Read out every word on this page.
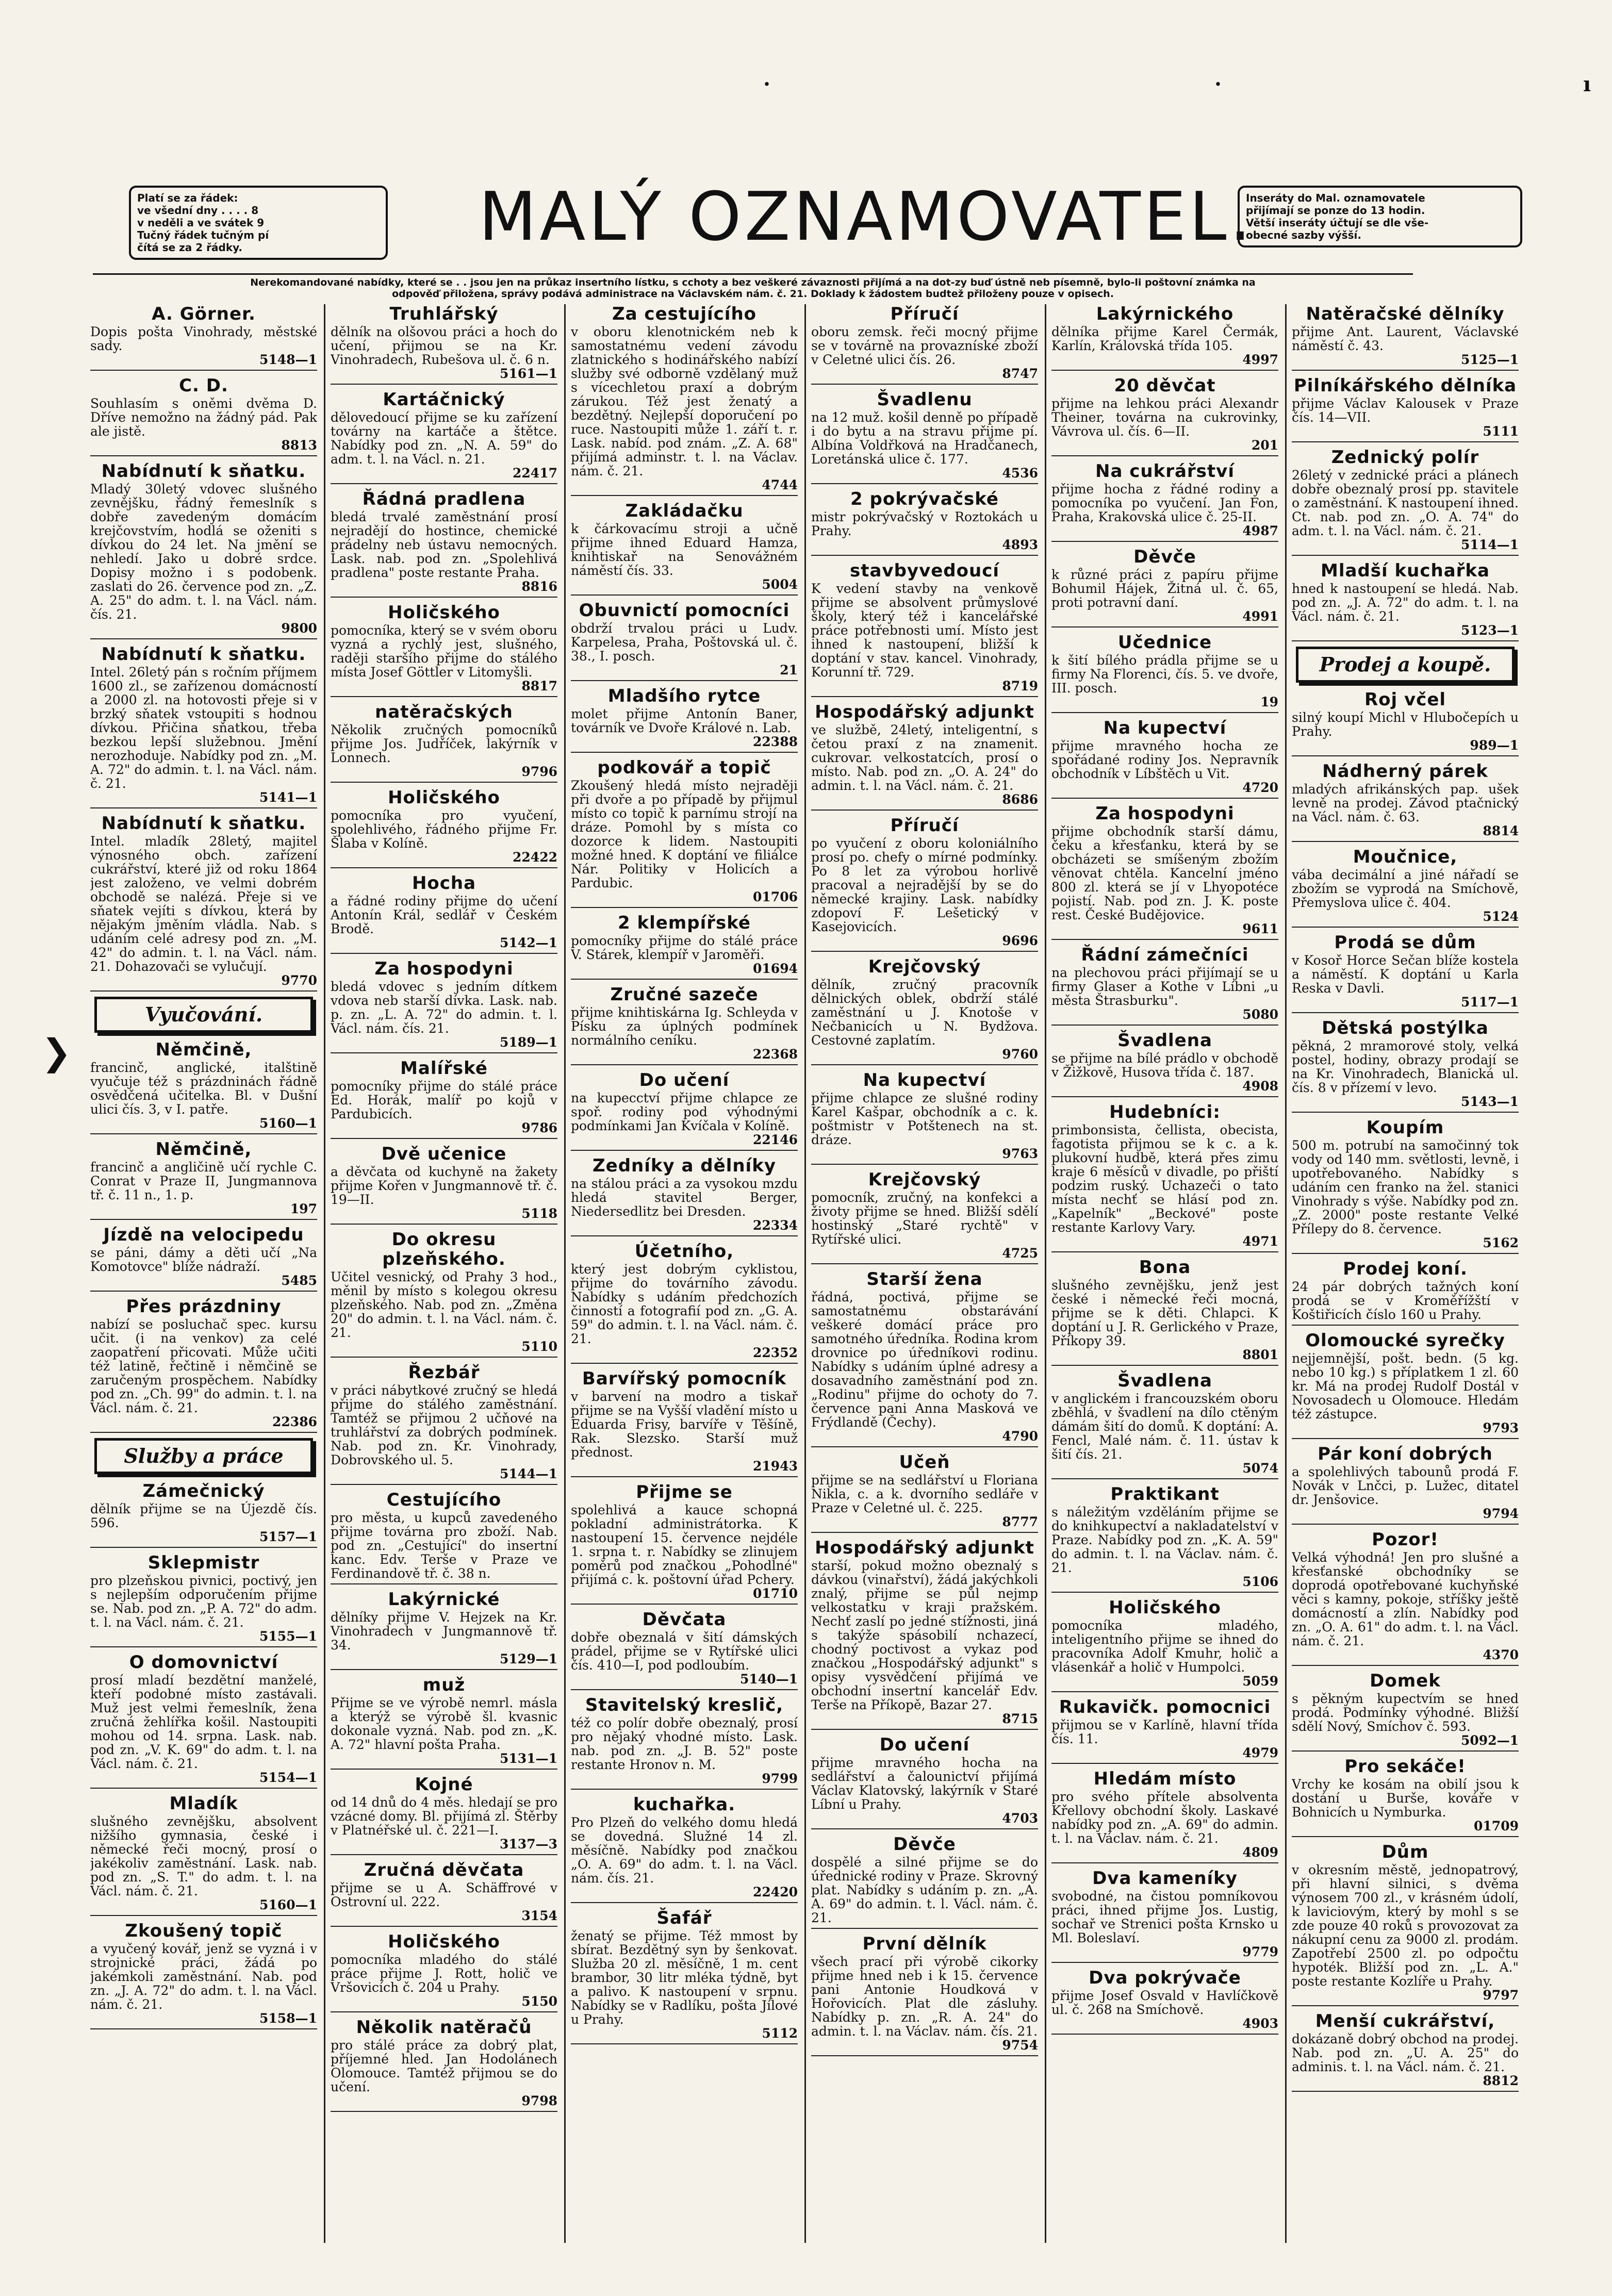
·	·	ı
❯
Platí se za řádek:
ve všední dny . . . . 8
v neděli a ve svátek 9
Tučný řádek tučným pí
čítá se za 2 řádky.	MALÝ OZNAMOVATEL.
Inseráty do Mal. oznamovatele
přijímají se ponze do 13 hodin.
Větší inseráty účtují se dle vše-
obecné sazby výšší.
Nerekomandované nabídky, které se . . jsou jen na průkaz insertního lístku, s cchoty a bez veškeré závaznosti přijímá a na dot-zy buď ústně neb písemně, bylo-li poštovní známka na
odpověď přiložena, správy podává administrace na Václavském nám. č. 21. Doklady k žádostem budtež přiloženy pouze v opisech.
A. Görner.

Dopis pošta Vinohrady, městské sady.

5148—1
C. D.

Souhlasím s oněmi dvěma D. Dříve nemožno na žádný pád. Pak ale jistě.

8813
Nabídnutí k sňatku.

Mladý 30letý vdovec slušného zevnějšku, řádný řemeslník s dobře zavedeným domácím krejčovstvím, hodlá se oženiti s dívkou do 24 let. Na jmění se nehledí. Jako u dobré srdce. Dopisy možno i s podobenk. zaslati do 26. července pod zn. „Z. A. 25" do adm. t. l. na Václ. nám. čís. 21.

9800
Nabídnutí k sňatku.

Intel. 26letý pán s ročním příjmem 1600 zl., se zařízenou domácností a 2000 zl. na hotovosti přeje si v brzký sňatek vstoupiti s hodnou dívkou. Přičina sňatkou, třeba bezkou lepší služebnou. Jmění nerozhoduje. Nabídky pod zn. „M. A. 72" do admin. t. l. na Václ. nám. č. 21.

5141—1
Nabídnutí k sňatku.

Intel. mladík 28letý, majitel výnosného obch. zařízení cukrářství, které již od roku 1864 jest založeno, ve velmi dobrém obchodě se nalézá. Přeje si ve sňatek vejíti s dívkou, která by nějakým jměním vládla. Nab. s udáním celé adresy pod zn. „M. 42" do admin. t. l. na Václ. nám. 21. Dohazovači se vylučují.

9770
Vyučování.
Němčině,

francinč, anglické, italštině vyučuje též s prázdninách řádně osvědčená učitelka. Bl. v Dušní ulici čís. 3, v I. patře.

5160—1
Němčině,

francinč a angličině učí rychle C. Conrat v Praze II, Jungmannova tř. č. 11 n., 1. p.

197
Jízdě na velocipedu

se páni, dámy a děti učí „Na Komotovce" blíže nádraží.

5485
Přes prázdniny

nabízí se posluchač spec. kursu učit. (i na venkov) za celé zaopatření přicovati. Může učiti též latině, řečtině i němčině se zaručeným prospěchem. Nabídky pod zn. „Ch. 99" do admin. t. l. na Václ. nám. č. 21.

22386
Služby a práce
Zámečnický

dělník přijme se na Újezdě čís. 596.

5157—1
Sklepmistr

pro plzeňskou pivnici, poctivý, jen s nejlepším odporučením přijme se. Nab. pod zn. „P. A. 72" do adm. t. l. na Václ. nám. č. 21.

5155—1
O domovnictví

prosí mladí bezdětní manželé, kteří podobné místo zastávali. Muž jest velmi řemeslník, žena zručná žehlířka košil. Nastoupiti mohou od 14. srpna. Lask. nab. pod zn. „V. K. 69" do adm. t. l. na Václ. nám. č. 21.

5154—1
Mladík

slušného zevnějšku, absolvent nižšího gymnasia, české i německé řeči mocný, prosí o jakékoliv zaměstnání. Lask. nab. pod zn. „S. T." do adm. t. l. na Václ. nám. č. 21.

5160—1
Zkoušený topič

a vyučený kovář, jenž se vyzná i v strojnické práci, žádá po jakémkoli zaměstnání. Nab. pod zn. „J. A. 72" do adm. t. l. na Václ. nám. č. 21.

5158—1
Truhlářský

dělník na olšovou práci a hoch do učení, přijmou se na Kr. Vinohradech, Rubešova ul. č. 6 n.

5161—1
Kartáčnický

dělovedoucí přijme se ku zařízení továrny na kartáče a štětce. Nabídky pod zn. „N. A. 59" do adm. t. l. na Václ. n. 21.

22417
Řádná pradlena

bledá trvalé zaměstnání prosí nejradějí do hostince, chemické prádelny neb ústavu nemocných. Lask. nab. pod zn. „Spolehlivá pradlena" poste restante Praha.

8816
Holičského

pomocníka, který se v svém oboru vyzná a rychlý jest, slušného, raději staršího přijme do stálého místa Josef Göttler v Litomyšli.

8817
natěračských

Několik zručných pomocníků přijme Jos. Judříček, lakýrník v Lonnech.

9796
Holičského

pomocníka pro vyučení, spolehlivého, řádného přijme Fr. Šlaba v Kolíně.

22422
Hocha

a řádné rodiny přijme do učení Antonín Král, sedlář v Českém Brodě.

5142—1
Za hospodyni

bledá vdovec s jedním dítkem vdova neb starší dívka. Lask. nab. p. zn. „L. A. 72" do admin. t. l. Václ. nám. čís. 21.

5189—1
Malířské

pomocníky přijme do stálé práce Ed. Horák, malíř po kojů v Pardubicích.

9786
Dvě učenice

a děvčata od kuchyně na žakety přijme Kořen v Jungmannově tř. č. 19—II.

5118
Do okresu plzeňského.

Učitel vesnický, od Prahy 3 hod., měnil by místo s kolegou okresu plzeňského. Nab. pod zn. „Změna 20" do admin. t. l. na Václ. nám. č. 21.

5110
Řezbář

v práci nábytkové zručný se hledá přijme do stálého zaměstnání. Tamtéž se přijmou 2 učňové na truhlářství za dobrých podmínek. Nab. pod zn. Kr. Vinohrady, Dobrovského ul. 5.

5144—1
Cestujícího

pro města, u kupců zavedeného přijme továrna pro zboží. Nab. pod zn. „Cestující" do insertní kanc. Edv. Terše v Praze ve Ferdinandově tř. č. 38 n.

Lakýrnické

dělníky přijme V. Hejzek na Kr. Vinohradech v Jungmannově tř. 34.

5129—1
muž

Přijme se ve výrobě nemrl. másla a kterýž se výrobě šl. kvasnic dokonale vyzná. Nab. pod zn. „K. A. 72" hlavní pošta Praha.

5131—1
Kojné

od 14 dnů do 4 měs. hledají se pro vzácné domy. Bl. přijímá zl. Štěrby v Platnéřské ul. č. 221—I.

3137—3
Zručná děvčata

přijme se u A. Schäffrové v Ostrovní ul. 222.

3154
Holičského

pomocníka mladého do stálé práce přijme J. Rott, holič ve Vršovicích č. 204 u Prahy.

5150
Několik natěračů

pro stálé práce za dobrý plat, příjemné hled. Jan Hodolánech Olomouce. Tamtéž přijmou se do učení.

9798
Za cestujícího

v oboru klenotnickém neb k samostatnému vedení závodu zlatnického s hodinářského nabízí služby své odborně vzdělaný muž s vícechletou praxí a dobrým zárukou. Též jest ženatý a bezdětný. Nejlepší doporučení po ruce. Nastoupiti může 1. září t. r. Lask. nabíd. pod znám. „Z. A. 68" přijímá adminstr. t. l. na Václav. nám. č. 21.

4744
Zakládačku

k čárkovacímu stroji a učně přijme ihned Eduard Hamza, knihtiskař na Senovážném náměstí čís. 33.

5004
Obuvnictí pomocníci

obdrží trvalou práci u Ludv. Karpelesa, Praha, Poštovská ul. č. 38., I. posch.

21
Mladšího rytce

molet přijme Antonín Baner, továrník ve Dvoře Králové n. Lab.

22388
podkovář a topič

Zkoušený hledá místo nejraději při dvoře a po případě by přijmul místo co topič k parnímu strojí na dráze. Pomohl by s místa co dozorce k lidem. Nastoupiti možné hned. K doptání ve filiálce Nár. Politiky v Holicích a Pardubic.

01706
2 klempířské

pomocníky přijme do stálé práce V. Stárek, klempíř v Jaroměři.

01694
Zručné sazeče

přijme knihtiskárna Ig. Schleyda v Písku za úplných podmínek normálního ceníku.

22368
Do učení

na kupecctví přijme chlapce ze spoř. rodiny pod výhodnými podmínkami Jan Kvíčala v Kolíně.

22146
Zedníky a dělníky

na stálou práci a za vysokou mzdu hledá stavitel Berger, Niedersedlitz bei Dresden.

22334
Účetního,

který jest dobrým cyklistou, přijme do továrního závodu. Nabídky s udáním předchozích činností a fotografií pod zn. „G. A. 59" do admin. t. l. na Václ. nám. č. 21.

22352
Barvířský pomocník

v barvení na modro a tiskař přijme se na Vyšší vladění místo u Eduarda Frisy, barvíře v Těšíně, Rak. Slezsko. Starší muž přednost.

21943
Přijme se

spolehlivá a kauce schopná pokladní administrátorka. K nastoupení 15. července nejdéle 1. srpna t. r. Nabídky se zlinujem poměrů pod značkou „Pohodlné" přijímá c. k. poštovní úřad Pchery.

01710
Děvčata

dobře obeznalá v šití dámských prádel, přijme se v Rytířské ulici čís. 410—I, pod podloubím.

5140—1
Stavitelský kreslič,

též co polír dobře obeznalý, prosí pro nějaký vhodné místo. Lask. nab. pod zn. „J. B. 52" poste restante Hronov n. M.

9799
kuchařka.

Pro Plzeň do velkého domu hledá se dovedná. Služné 14 zl. měsíčně. Nabídky pod značkou „O. A. 69" do adm. t. l. na Václ. nám. čís. 21.

22420
Šafář

ženatý se přijme. Též mmost by sbírat. Bezdětný syn by šenkovat. Služba 20 zl. měsíčně, 1 m. cent brambor, 30 litr mléka týdně, byt a palivo. K nastoupení v srpnu. Nabídky se v Radlíku, pošta Jílové u Prahy.

5112
Příručí

oboru zemsk. řeči mocný přijme se v továrně na provazníské zboží v Celetné ulici čís. 26.

8747
Švadlenu

na 12 muž. košil denně po případě i do bytu a na stravu přijme pí. Albína Voldřková na Hradčanech, Loretánská ulice č. 177.

4536
2 pokrývačské

mistr pokrývačský v Roztokách u Prahy.

4893
stavbyvedoucí

K vedení stavby na venkově přijme se absolvent průmyslové školy, který též i kancelářské práce potřebnosti umí. Místo jest ihned k nastoupení, bližší k doptání v stav. kancel. Vinohrady, Korunní tř. 729.

8719
Hospodářský adjunkt

ve službě, 24letý, inteligentní, s četou praxí z na znamenit. cukrovar. velkostatcích, prosí o místo. Nab. pod zn. „O. A. 24" do admin. t. l. na Václ. nám. č. 21.

8686
Příručí

po vyučení z oboru koloniálního prosí po. chefy o mírné podmínky. Po 8 let za výrobou horlivě pracoval a nejradější by se do německé krajiny. Lask. nabídky zdopoví F. Lešetický v Kasejovicích.

9696
Krejčovský

dělník, zručný pracovník dělnických oblek, obdrží stálé zaměstnání u J. Knotoše v Nečbanicích u N. Bydžova. Cestovné zaplatím.

9760
Na kupectví

přijme chlapce ze slušné rodiny Karel Kašpar, obchodník a c. k. poštmistr v Potštenech na st. dráze.

9763
Krejčovský

pomocník, zručný, na konfekci a životy přijme se hned. Bližší sdělí hostinský „Staré rychtě" v Rytířské ulici.

4725
Starší žena

řádná, poctivá, přijme se samostatnému obstarávání veškeré domácí práce pro samotného úředníka. Rodina krom drovnice po úředníkovi rodinu. Nabídky s udáním úplné adresy a dosavadního zaměstnání pod zn. „Rodinu" přijme do ochoty do 7. července pani Anna Masková ve Frýdlandě (Čechy).

4790
Učeň

přijme se na sedlářství u Floriana Nikla, c. a k. dvorního sedláře v Praze v Celetné ul. č. 225.

8777
Hospodářský adjunkt

starší, pokud možno obeznalý s dávkou (vinařství), žádá jakýchkoli znalý, přijme se půl nejmp velkostatku v kraji pražském. Nechť zaslí po jedné stížnosti, jiná s takýže spásobilí nchazecí, chodný poctivost a vykaz pod značkou „Hospodářský adjunkt" s opisy vysvědčení přijímá ve obchodní insertní kancelář Edv. Terše na Příkopě, Bazar 27.

8715
Do učení

přijme mravného hocha na sedlářství a čalounictví přijímá Václav Klatovský, lakýrník v Staré Líbní u Prahy.

4703
Děvče

dospělé a silné přijme se do úřednické rodiny v Praze. Skrovný plat. Nabídky s udáním p. zn. „A. A. 69" do admin. t. l. Václ. nám. č. 21.

První dělník

všech prací při výrobě cikorky přijme hned neb i k 15. července pani Antonie Houdková v Hořovicích. Plat dle zásluhy. Nabídky p. zn. „R. A. 24" do admin. t. l. na Václav. nám. čís. 21.

9754
Lakýrnického

dělníka přijme Karel Čermák, Karlín, Královská třída 105.

4997
20 děvčat

přijme na lehkou práci Alexandr Theiner, továrna na cukrovinky, Vávrova ul. čís. 6—II.

201
Na cukrářství

přijme hocha z řádné rodiny a pomocníka po vyučení. Jan Fon, Praha, Krakovská ulice č. 25-II.

4987
Děvče

k různé práci z papíru přijme Bohumil Hájek, Žitná ul. č. 65, proti potravní daní.

4991
Učednice

k šití bílého prádla přijme se u firmy Na Florenci, čís. 5. ve dvoře, III. posch.

19
Na kupectví

přijme mravného hocha ze spořádané rodiny Jos. Nepravník obchodník v Líbštěch u Vit.

4720
Za hospodyni

přijme obchodník starší dámu, čeku a křesťanku, která by se obcházeti se smíšeným zbožím věnovat chtěla. Kancelní jméno 800 zl. která se jí v Lhyopotéce pojistí. Nab. pod zn. J. K. poste rest. České Budějovice.

9611
Řádní zámečníci

na plechovou práci přijímají se u firmy Glaser a Kothe v Líbni „u města Štrasburku".

5080
Švadlena

se přijme na bílé prádlo v obchodě v Žižkově, Husova třída č. 187.

4908
Hudebníci:

primbonsista, čellista, obecista, fagotista přijmou se k c. a k. plukovní hudbě, která přes zimu kraje 6 měsíců v divadle, po přiští podzim ruský. Uchazeči o tato místa nechť se hlásí pod zn. „Kapelník" „Beckové" poste restante Karlovy Vary.

4971
Bona

slušného zevnějšku, jenž jest české i německé řeči mocná, přijme se k děti. Chlapci. K doptání u J. R. Gerlického v Praze, Příkopy 39.

8801
Švadlena

v anglickém i francouzském oboru zběhlá, v švadlení na dílo ctěným dámám šití do domů. K doptání: A. Fencl, Malé nám. č. 11. ústav k šití čís. 21.

5074
Praktikant

s náležitým vzděláním přijme se do knihkupectví a nakladatelství v Praze. Nabídky pod zn. „K. A. 59" do admin. t. l. na Václav. nám. č. 21.

5106
Holičského

pomocníka mladého, inteligentního přijme se ihned do pracovníka Adolf Kmuhr, holič a vlásenkář a holič v Humpolci.

5059
Rukavičk. pomocnici

přijmou se v Karlíně, hlavní třída čís. 11.

4979
Hledám místo

pro svého přítele absolventa Křellovy obchodní školy. Laskavé nabídky pod zn. „A. 69" do admin. t. l. na Václav. nám. č. 21.

4809
Dva kameníky

svobodné, na čistou pomníkovou práci, ihned přijme Jos. Lustig, sochař ve Strenici pošta Krnsko u Ml. Boleslaví.

9779
Dva pokrývače

přijme Josef Osvald v Havlíčkově ul. č. 268 na Smíchově.

4903
Natěračské dělníky

přijme Ant. Laurent, Václavské náměstí č. 43.

5125—1
Pilníkářského dělníka

přijme Václav Kalousek v Praze čís. 14—VII.

5111
Zednický polír

26letý v zednické práci a plánech dobře obeznalý prosí pp. stavitele o zaměstnání. K nastoupení ihned. Ct. nab. pod zn. „O. A. 74" do adm. t. l. na Václ. nám. č. 21.

5114—1
Mladší kuchařka

hned k nastoupení se hledá. Nab. pod zn. „J. A. 72" do adm. t. l. na Václ. nám. č. 21.

5123—1
Prodej a koupě.
Roj včel

silný koupí Michl v Hlubočepích u Prahy.

989—1
Nádherný párek

mladých afrikánských pap. ušek levně na prodej. Závod ptačnický na Václ. nám. č. 63.

8814
Moučnice,

vába decimální a jiné nářadí se zbožím se vyprodá na Smíchově, Přemyslova ulice č. 404.

5124
Prodá se dům

v Kosoř Horce Sečan blíže kostela a náměstí. K doptání u Karla Reska v Davli.

5117—1
Dětská postýlka

pěkná, 2 mramorové stoly, velká postel, hodiny, obrazy prodají se na Kr. Vinohradech, Blanická ul. čís. 8 v přízemí v levo.

5143—1
Koupím

500 m. potrubí na samočinný tok vody od 140 mm. světlosti, levně, i upotřebovaného. Nabídky s udáním cen franko na žel. stanici Vinohrady s výše. Nabídky pod zn. „Z. 2000" poste restante Velké Přílepy do 8. července.

5162
Prodej koní.

24 pár dobrých tažných koní prodá se v Kroměřížští v Koštiřicích číslo 160 u Prahy.

Olomoucké syrečky

nejjemnější, pošt. bedn. (5 kg. nebo 10 kg.) s příplatkem 1 zl. 60 kr. Má na prodej Rudolf Dostál v Novosadech u Olomouce. Hledám též zástupce.

9793
Pár koní dobrých

a spolehlivých tabounů prodá F. Novák v Lnčci, p. Lužec, ditatel dr. Jenšovice.

9794
Pozor!

Velká výhodná! Jen pro slušné a křesťanské obchodníky se doprodá opotřebované kuchyňské věci s kamny, pokoje, stříšky ještě domácností a zlín. Nabídky pod zn. „O. A. 61" do adm. t. l. na Václ. nám. č. 21.

4370
Domek

s pěkným kupectvím se hned prodá. Podmínky výhodné. Bližší sdělí Nový, Smíchov č. 593.

5092—1
Pro sekáče!

Vrchy ke kosám na obilí jsou k dostání u Burše, kováře v Bohnicích u Nymburka.

01709
Dům

v okresním městě, jednopatrový, při hlavní silnici, s dvěma výnosem 700 zl., v krásném údolí, k laviciovým, který by mohl s se zde pouze 40 roků s provozovat za nákupní cenu za 9000 zl. prodám. Zapotřebí 2500 zl. po odpočtu hypoték. Bližší pod zn. „L. A." poste restante Kozlíře u Prahy.

9797
Menší cukrářství,

dokázaně dobrý obchod na prodej. Nab. pod zn. „U. A. 25" do adminis. t. l. na Václ. nám. č. 21.

8812
